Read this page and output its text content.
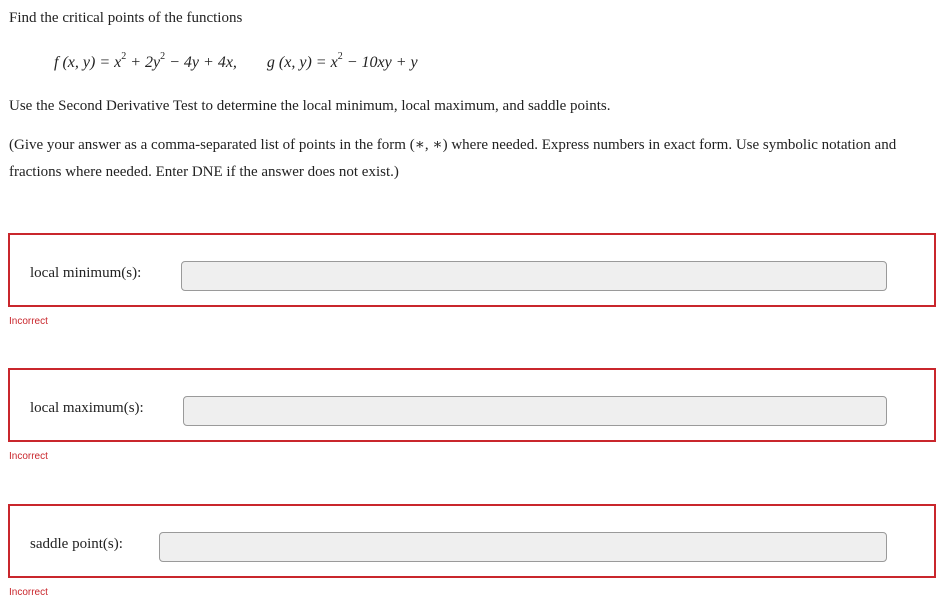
Find the critical points of the functions
f (x, $y) = x^2 + 2y^2 - 4y + 4x$, g (x, $y) = x^2 - 10xy + y$
Use the Second Derivative Test to determine the local minimum, local maximum, and saddle points.
(Give your answer as a comma-separated list of points in the form (∗, ∗) where needed. Express numbers in exact form. Use symbolic notation and fractions where needed. Enter DNE if the answer does not exist.)
local minimum(s):
Incorrect
local maximum(s):
Incorrect
saddle point(s):
Incorrect
